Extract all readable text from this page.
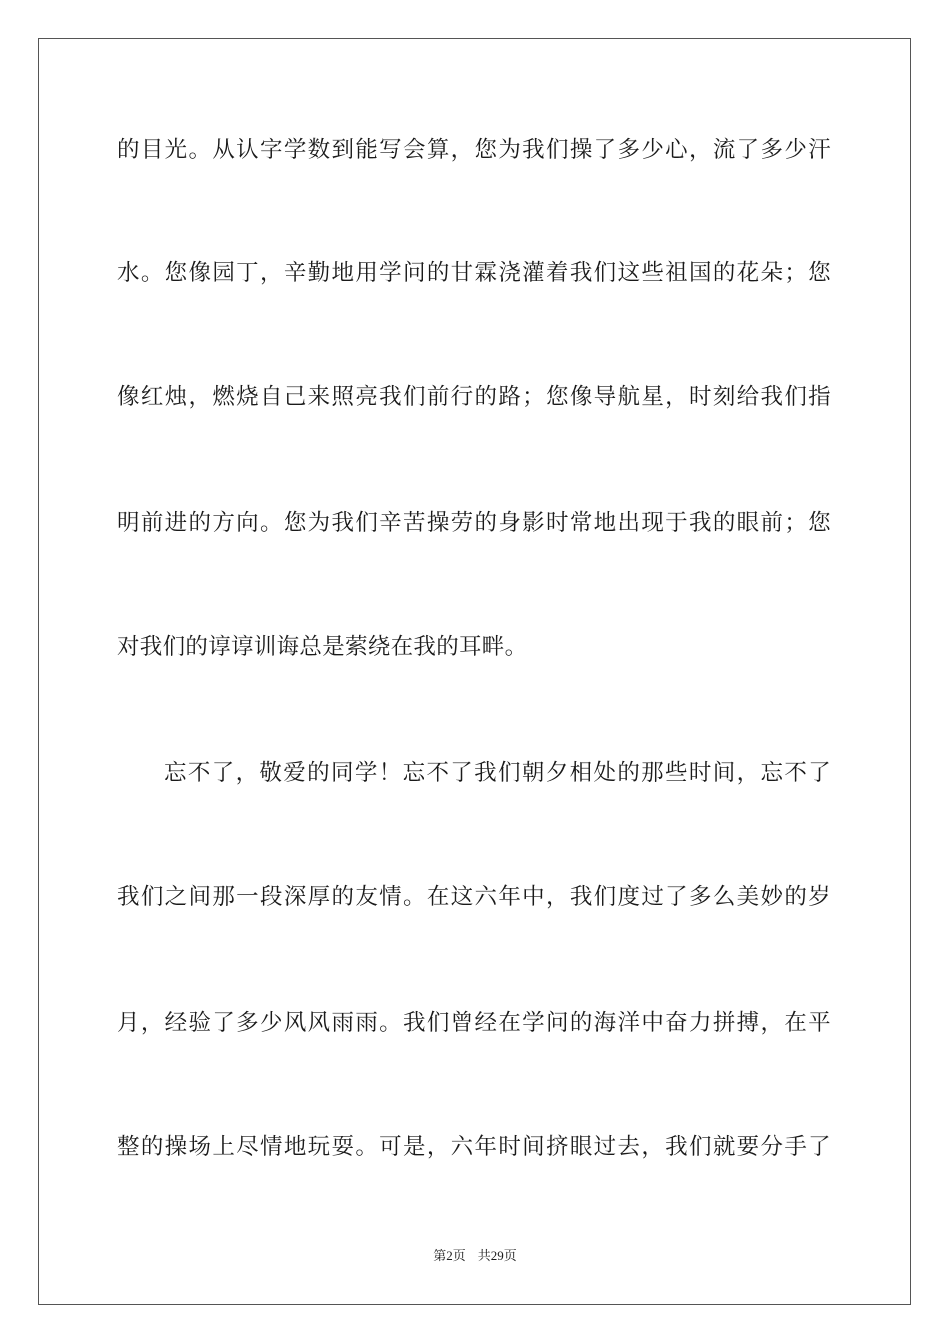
的目光。从认字学数到能写会算，您为我们操了多少心，流了多少汗
水。您像园丁，辛勤地用学问的甘霖浇灌着我们这些祖国的花朵；您
像红烛，燃烧自己来照亮我们前行的路；您像导航星，时刻给我们指
明前进的方向。您为我们辛苦操劳的身影时常地出现于我的眼前；您
对我们的谆谆训诲总是萦绕在我的耳畔。
忘不了，敬爱的同学！忘不了我们朝夕相处的那些时间，忘不了
我们之间那一段深厚的友情。在这六年中，我们度过了多么美妙的岁
月，经验了多少风风雨雨。我们曾经在学问的海洋中奋力拼搏，在平
整的操场上尽情地玩耍。可是，六年时间挤眼过去，我们就要分手了
第2页 共29页
